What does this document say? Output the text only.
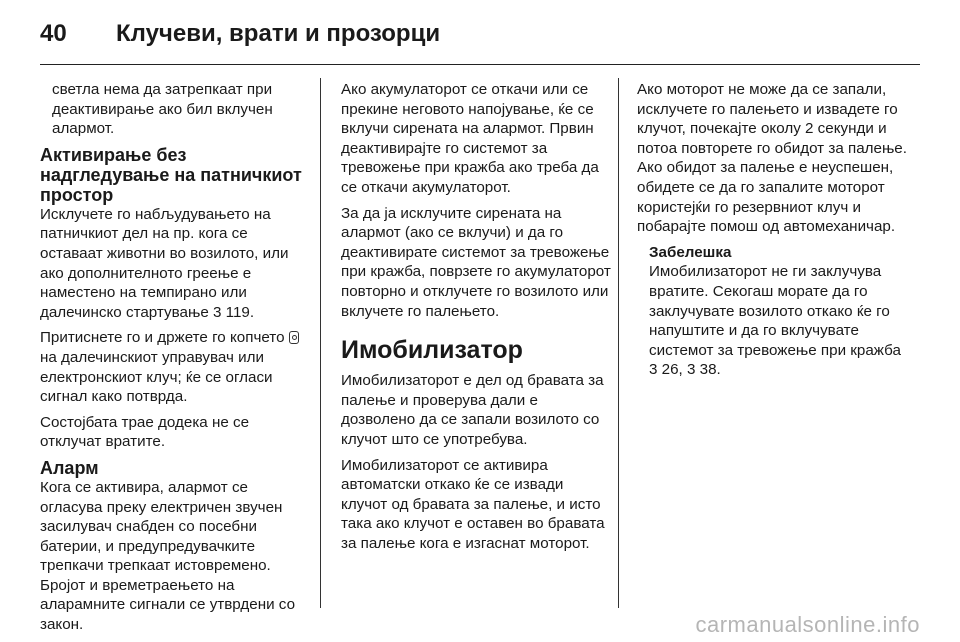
40 Клучеви, врати и прозорци

светла нема да затрепкаат при деактивирање ако бил вклучен алармот.

Активирање без надгледување на патничкиот простор

Исклучете го набљудувањето на патничкиот дел на пр. кога се оставаат животни во возилото, или ако дополнителното греење е наместено на темпирано или далечинско стартување 3 119.

Притиснете го и држете го копчето  на далечинскиот управувач или електронскиот клуч; ќе се огласи сигнал како потврда.

Состојбата трае додека не се отклучат вратите.

Аларм

Кога се активира, алармот се огласува преку електричен звучен засилувач снабден со посебни батерии, и предупредувачките трепкачи трепкаат истовремено. Бројот и времетраењето на аларамните сигнали се утврдени со закон.

Ако акумулаторот се откачи или се прекине неговото напојување, ќе се вклучи сирената на алармот. Првин деактивирајте го системот за тревожење при кражба ако треба да се откачи акумулаторот.

За да ја исклучите сирената на алармот (ако се вклучи) и да го деактивирате системот за тревожење при кражба, поврзете го акумулаторот повторно и отклучете го возилото или вклучете го палењето.

Имобилизатор

Имобилизаторот е дел од бравата за палење и проверува дали е дозволено да се запали возилото со клучот што се употребува.

Имобилизаторот се активира автоматски откако ќе се извади клучот од бравата за палење, и исто така ако клучот е оставен во бравата за палење кога е изгаснат моторот.

Ако моторот не може да се запали, исклучете го палењето и извадете го клучот, почекајте околу 2 секунди и потоа повторете го обидот за палење. Ако обидот за палење е неуспешен, обидете се да го запалите моторот користејќи го резервниот клуч и побарајте помош од автомеханичар.

Забелешка

Имобилизаторот не ги заклучува вратите. Секогаш морате да го заклучувате возилото откако ќе го напуштите и да го вклучувате системот за тревожење при кражба 3 26, 3 38.

carmanualsonline.info
